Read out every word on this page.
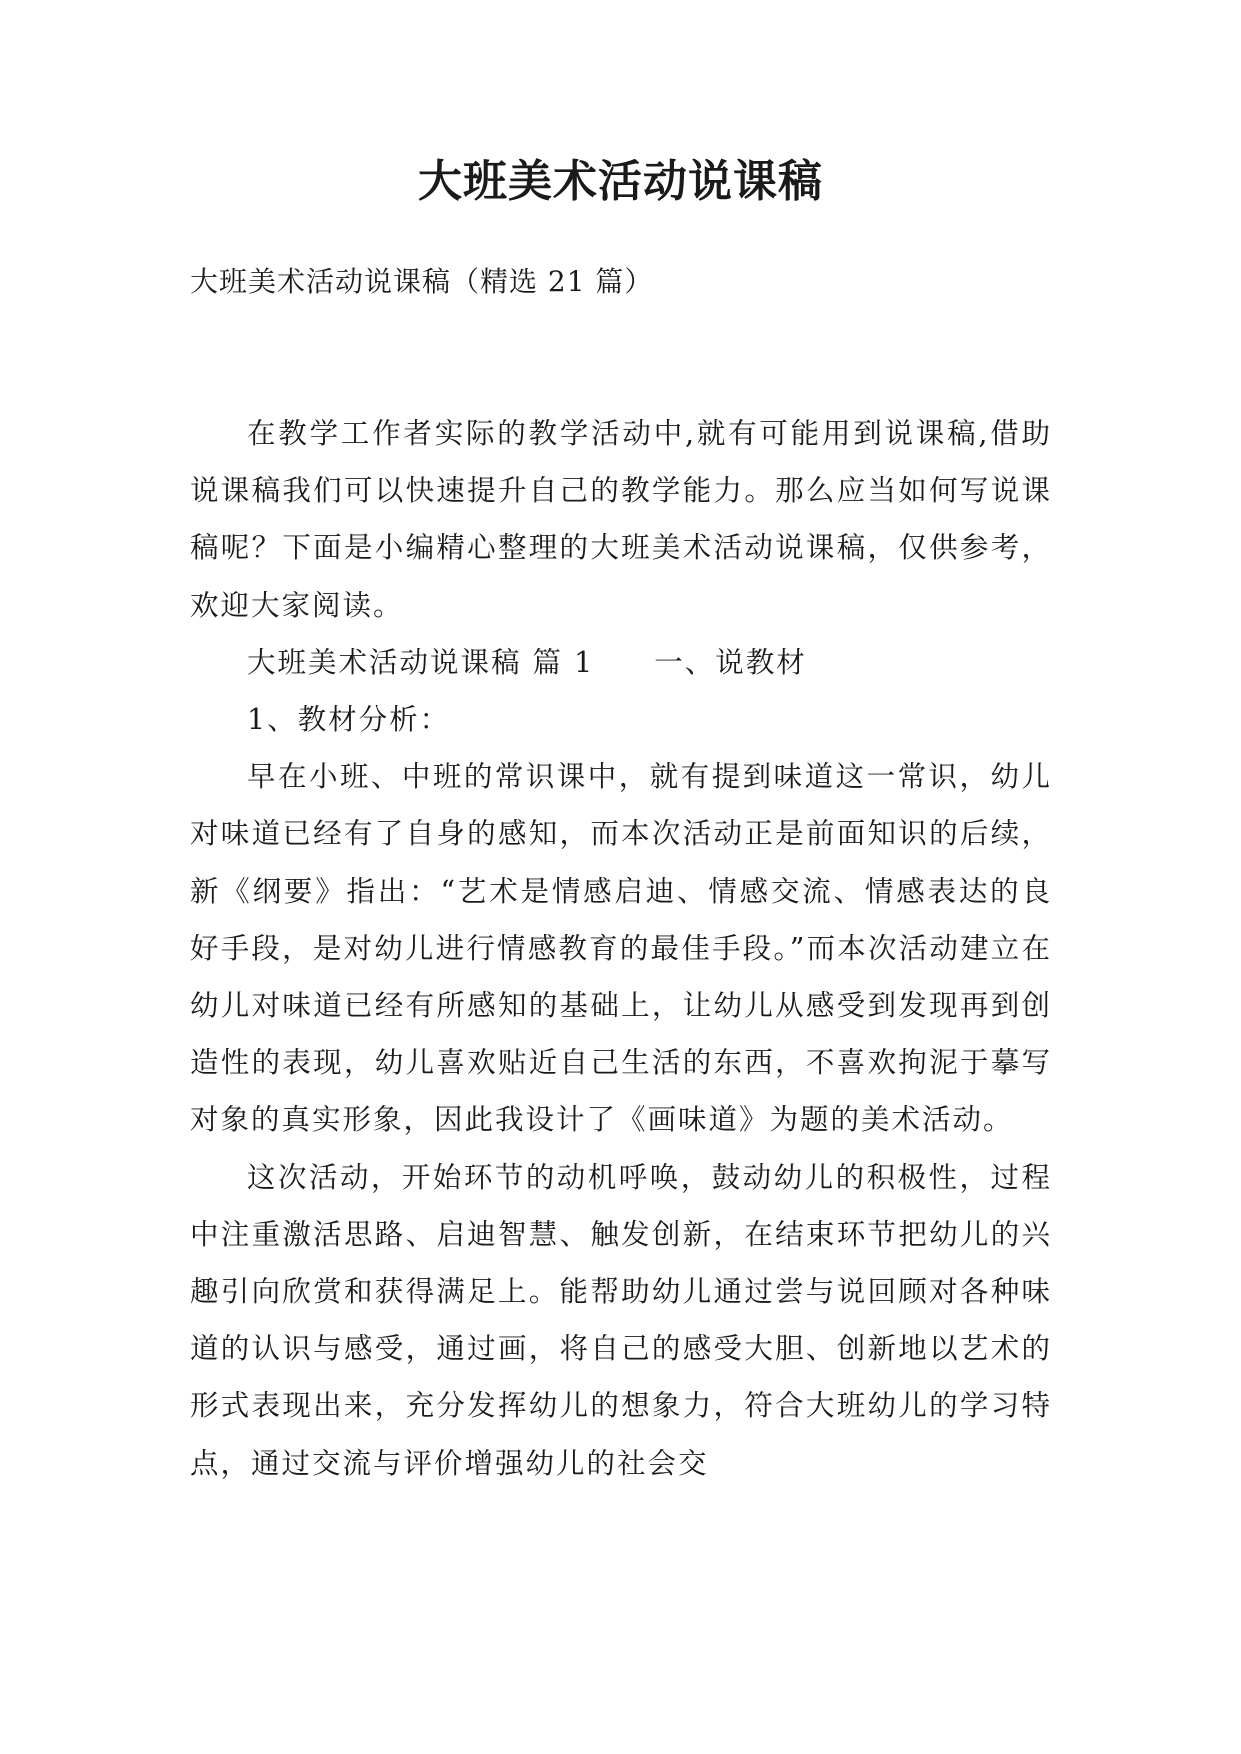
大班美术活动说课稿
大班美术活动说课稿（精选 21 篇）

在教学工作者实际的教学活动中,就有可能用到说课稿,借助说课稿我们可以快速提升自己的教学能力。那么应当如何写说课稿呢？下面是小编精心整理的大班美术活动说课稿，仅供参考，欢迎大家阅读。

大班美术活动说课稿 篇 1 一、说教材

1、教材分析：

早在小班、中班的常识课中，就有提到味道这一常识，幼儿对味道已经有了自身的感知，而本次活动正是前面知识的后续，新《纲要》指出：“艺术是情感启迪、情感交流、情感表达的良好手段，是对幼儿进行情感教育的最佳手段。”而本次活动建立在幼儿对味道已经有所感知的基础上，让幼儿从感受到发现再到创造性的表现，幼儿喜欢贴近自己生活的东西，不喜欢拘泥于摹写对象的真实形象，因此我设计了《画味道》为题的美术活动。

这次活动，开始环节的动机呼唤，鼓动幼儿的积极性，过程中注重激活思路、启迪智慧、触发创新，在结束环节把幼儿的兴趣引向欣赏和获得满足上。能帮助幼儿通过尝与说回顾对各种味道的认识与感受，通过画，将自己的感受大胆、创新地以艺术的形式表现出来，充分发挥幼儿的想象力，符合大班幼儿的学习特点，通过交流与评价增强幼儿的社会交
